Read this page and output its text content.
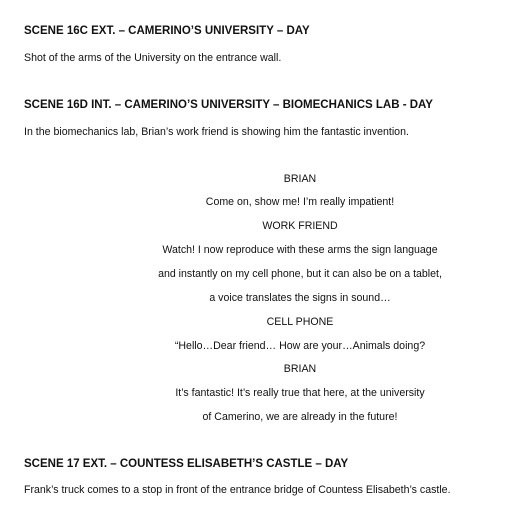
SCENE 16C EXT. – CAMERINO’S UNIVERSITY – DAY
Shot of the arms of the University on the entrance wall.
SCENE 16D INT. – CAMERINO’S UNIVERSITY – BIOMECHANICS LAB - DAY
In the biomechanics lab, Brian’s work friend is showing him the fantastic invention.
BRIAN
Come on, show me! I’m really impatient!
WORK FRIEND
Watch! I now reproduce with these arms the sign language
and instantly on my cell phone, but it can also be on a tablet,
a voice translates the signs in sound…
CELL PHONE
“Hello…Dear friend… How are your…Animals doing?
BRIAN
It’s fantastic! It’s really true that here, at the university
of Camerino, we are already in the future!
SCENE 17 EXT. – COUNTESS ELISABETH’S CASTLE – DAY
Frank’s truck comes to a stop in front of the entrance bridge of Countess Elisabeth’s castle.
